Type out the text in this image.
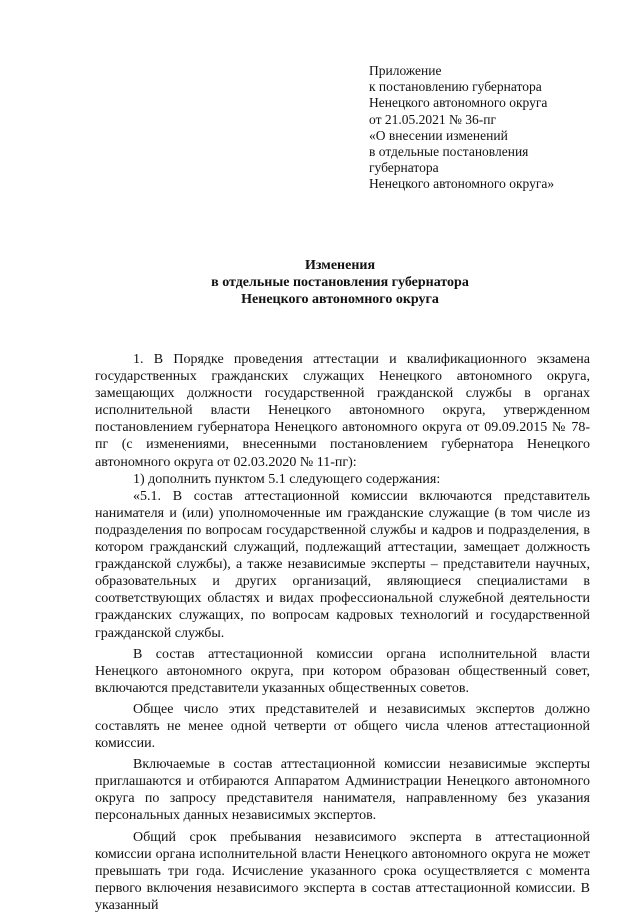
Приложение
к постановлению губернатора
Ненецкого автономного округа
от 21.05.2021 № 36-пг
«О внесении изменений
в отдельные постановления
губернатора
Ненецкого автономного округа»
Изменения
в отдельные постановления губернатора
Ненецкого автономного округа

1. В Порядке проведения аттестации и квалификационного экзамена государственных гражданских служащих Ненецкого автономного округа, замещающих должности государственной гражданской службы в органах исполнительной власти Ненецкого автономного округа, утвержденном постановлением губернатора Ненецкого автономного округа от 09.09.2015 № 78-пг (с изменениями, внесенными постановлением губернатора Ненецкого автономного округа от 02.03.2020 № 11-пг):

1) дополнить пунктом 5.1 следующего содержания:

«5.1. В состав аттестационной комиссии включаются представитель нанимателя и (или) уполномоченные им гражданские служащие (в том числе из подразделения по вопросам государственной службы и кадров и подразделения, в котором гражданский служащий, подлежащий аттестации, замещает должность гражданской службы), а также независимые эксперты – представители научных, образовательных и других организаций, являющиеся специалистами в соответствующих областях и видах профессиональной служебной деятельности гражданских служащих, по вопросам кадровых технологий и государственной гражданской службы.

В состав аттестационной комиссии органа исполнительной власти Ненецкого автономного округа, при котором образован общественный совет, включаются представители указанных общественных советов.

Общее число этих представителей и независимых экспертов должно составлять не менее одной четверти от общего числа членов аттестационной комиссии.

Включаемые в состав аттестационной комиссии независимые эксперты приглашаются и отбираются Аппаратом Администрации Ненецкого автономного округа по запросу представителя нанимателя, направленному без указания персональных данных независимых экспертов.

Общий срок пребывания независимого эксперта в аттестационной комиссии органа исполнительной власти Ненецкого автономного округа не может превышать три года. Исчисление указанного срока осуществляется с момента первого включения независимого эксперта в состав аттестационной комиссии. В указанный
